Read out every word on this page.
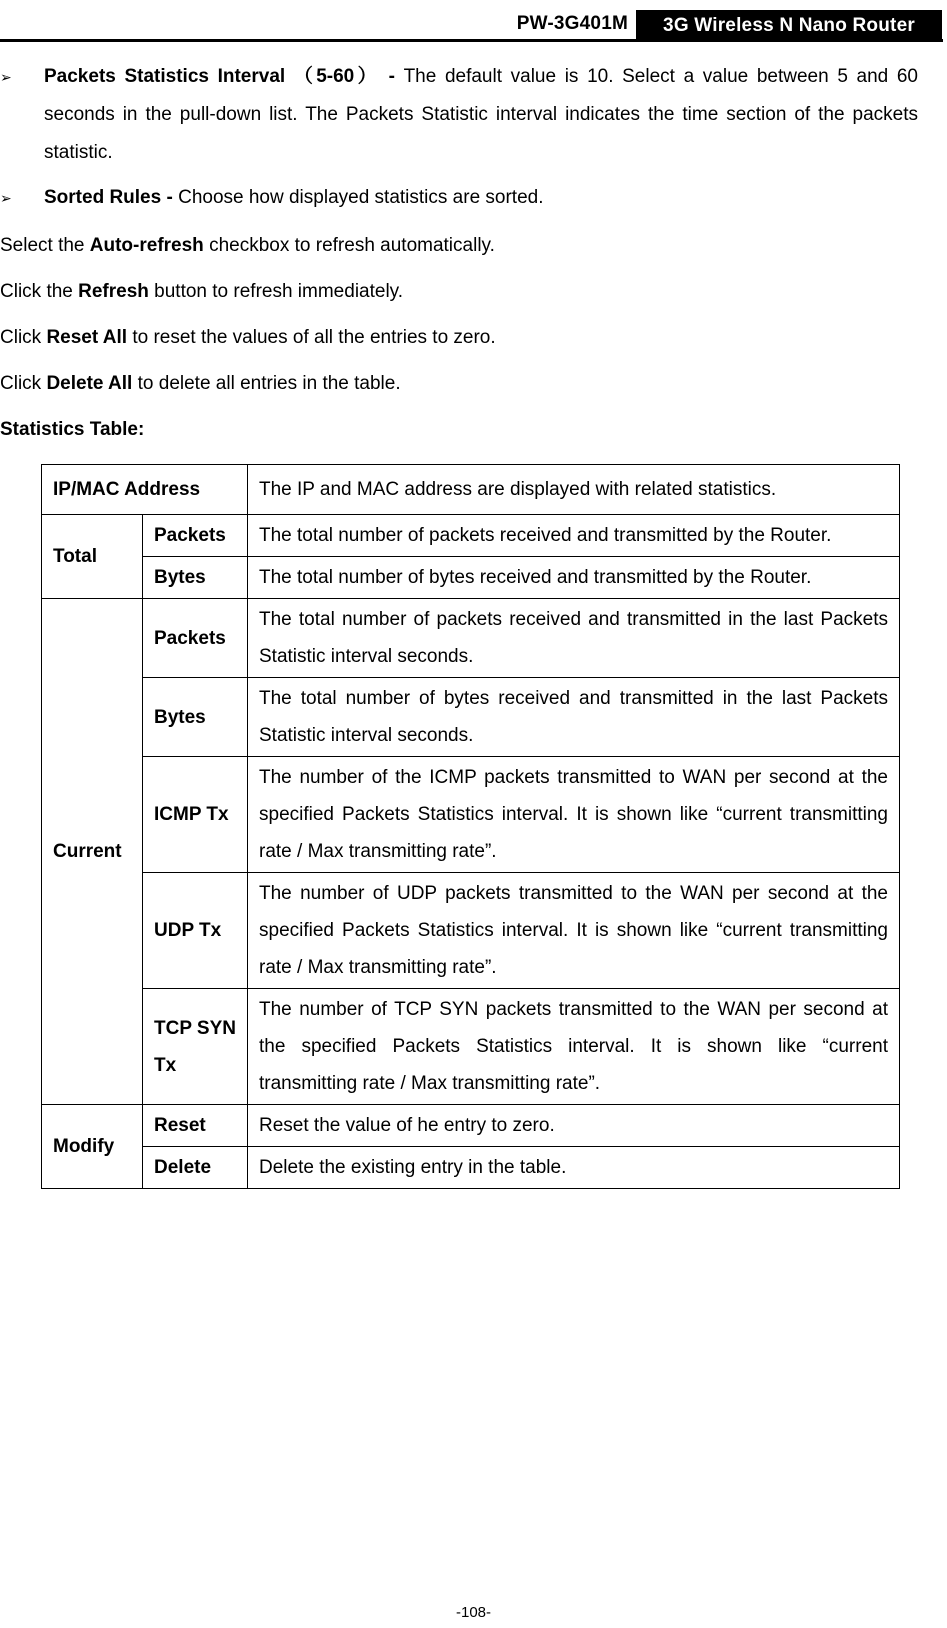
PW-3G401M	3G Wireless N Nano Router
➢ Packets Statistics Interval （5-60） - The default value is 10. Select a value between 5 and 60 seconds in the pull-down list. The Packets Statistic interval indicates the time section of the packets statistic.
➢ Sorted Rules - Choose how displayed statistics are sorted.

Select the Auto-refresh checkbox to refresh automatically.

Click the Refresh button to refresh immediately.

Click Reset All to reset the values of all the entries to zero.

Click Delete All to delete all entries in the table.

Statistics Table:

IP/MAC Address		The IP and MAC address are displayed with related statistics.
Total	Packets	The total number of packets received and transmitted by the Router.
	Bytes	The total number of bytes received and transmitted by the Router.
Current	Packets	The total number of packets received and transmitted in the last Packets Statistic interval seconds.
	Bytes	The total number of bytes received and transmitted in the last Packets Statistic interval seconds.
	ICMP Tx	The number of the ICMP packets transmitted to WAN per second at the specified Packets Statistics interval. It is shown like “current transmitting rate / Max transmitting rate”.
	UDP Tx	The number of UDP packets transmitted to the WAN per second at the specified Packets Statistics interval. It is shown like “current transmitting rate / Max transmitting rate”.
	TCP SYN Tx	The number of TCP SYN packets transmitted to the WAN per second at the specified Packets Statistics interval. It is shown like “current transmitting rate / Max transmitting rate”.
Modify	Reset	Reset the value of he entry to zero.
	Delete	Delete the existing entry in the table.
-108-
